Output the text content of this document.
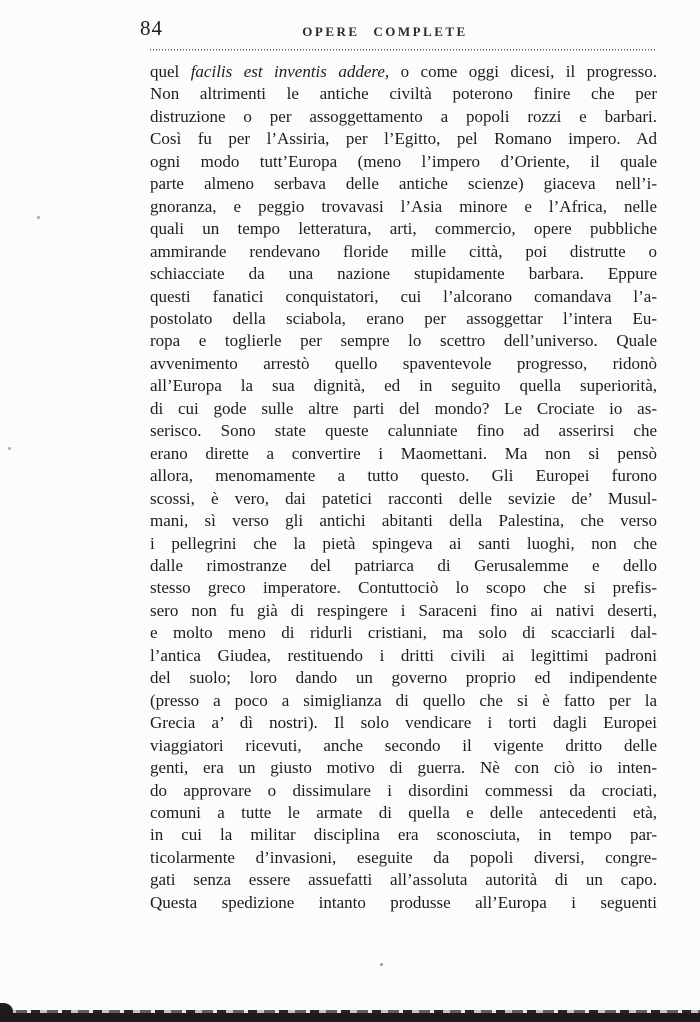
84	OPERE COMPLETE
quel facilis est inventis addere, o come oggi dicesi, il progresso.
Non altrimenti le antiche civiltà poterono finire che per
distruzione o per assoggettamento a popoli rozzi e barbari.
Così fu per l’Assiria, per l’Egitto, pel Romano impero. Ad
ogni modo tutt’Europa (meno l’impero d’Oriente, il quale
parte almeno serbava delle antiche scienze) giaceva nell’i-
gnoranza, e peggio trovavasi l’Asia minore e l’Africa, nelle
quali un tempo letteratura, arti, commercio, opere pubbliche
ammirande rendevano floride mille città, poi distrutte o
schiacciate da una nazione stupidamente barbara. Eppure
questi fanatici conquistatori, cui l’alcorano comandava l’a-
postolato della sciabola, erano per assoggettar l’intera Eu-
ropa e toglierle per sempre lo scettro dell’universo. Quale
avvenimento arrestò quello spaventevole progresso, ridonò
all’Europa la sua dignità, ed in seguito quella superiorità,
di cui gode sulle altre parti del mondo? Le Crociate io as-
serisco. Sono state queste calunniate fino ad asserirsi che
erano dirette a convertire i Maomettani. Ma non si pensò
allora, menomamente a tutto questo. Gli Europei furono
scossi, è vero, dai patetici racconti delle sevizie de’ Musul-
mani, sì verso gli antichi abitanti della Palestina, che verso
i pellegrini che la pietà spingeva ai santi luoghi, non che
dalle rimostranze del patriarca di Gerusalemme e dello
stesso greco imperatore. Contuttociò lo scopo che si prefis-
sero non fu già di respingere i Saraceni fino ai nativi deserti,
e molto meno di ridurli cristiani, ma solo di scacciarli dal-
l’antica Giudea, restituendo i dritti civili ai legittimi padroni
del suolo; loro dando un governo proprio ed indipendente
(presso a poco a simiglianza di quello che si è fatto per la
Grecia a’ dì nostri). Il solo vendicare i torti dagli Europei
viaggiatori ricevuti, anche secondo il vigente dritto delle
genti, era un giusto motivo di guerra. Nè con ciò io inten-
do approvare o dissimulare i disordini commessi da crociati,
comuni a tutte le armate di quella e delle antecedenti età,
in cui la militar disciplina era sconosciuta, in tempo par-
ticolarmente d’invasioni, eseguite da popoli diversi, congre-
gati senza essere assuefatti all’assoluta autorità di un capo.
Questa spedizione intanto produsse all’Europa i seguenti
